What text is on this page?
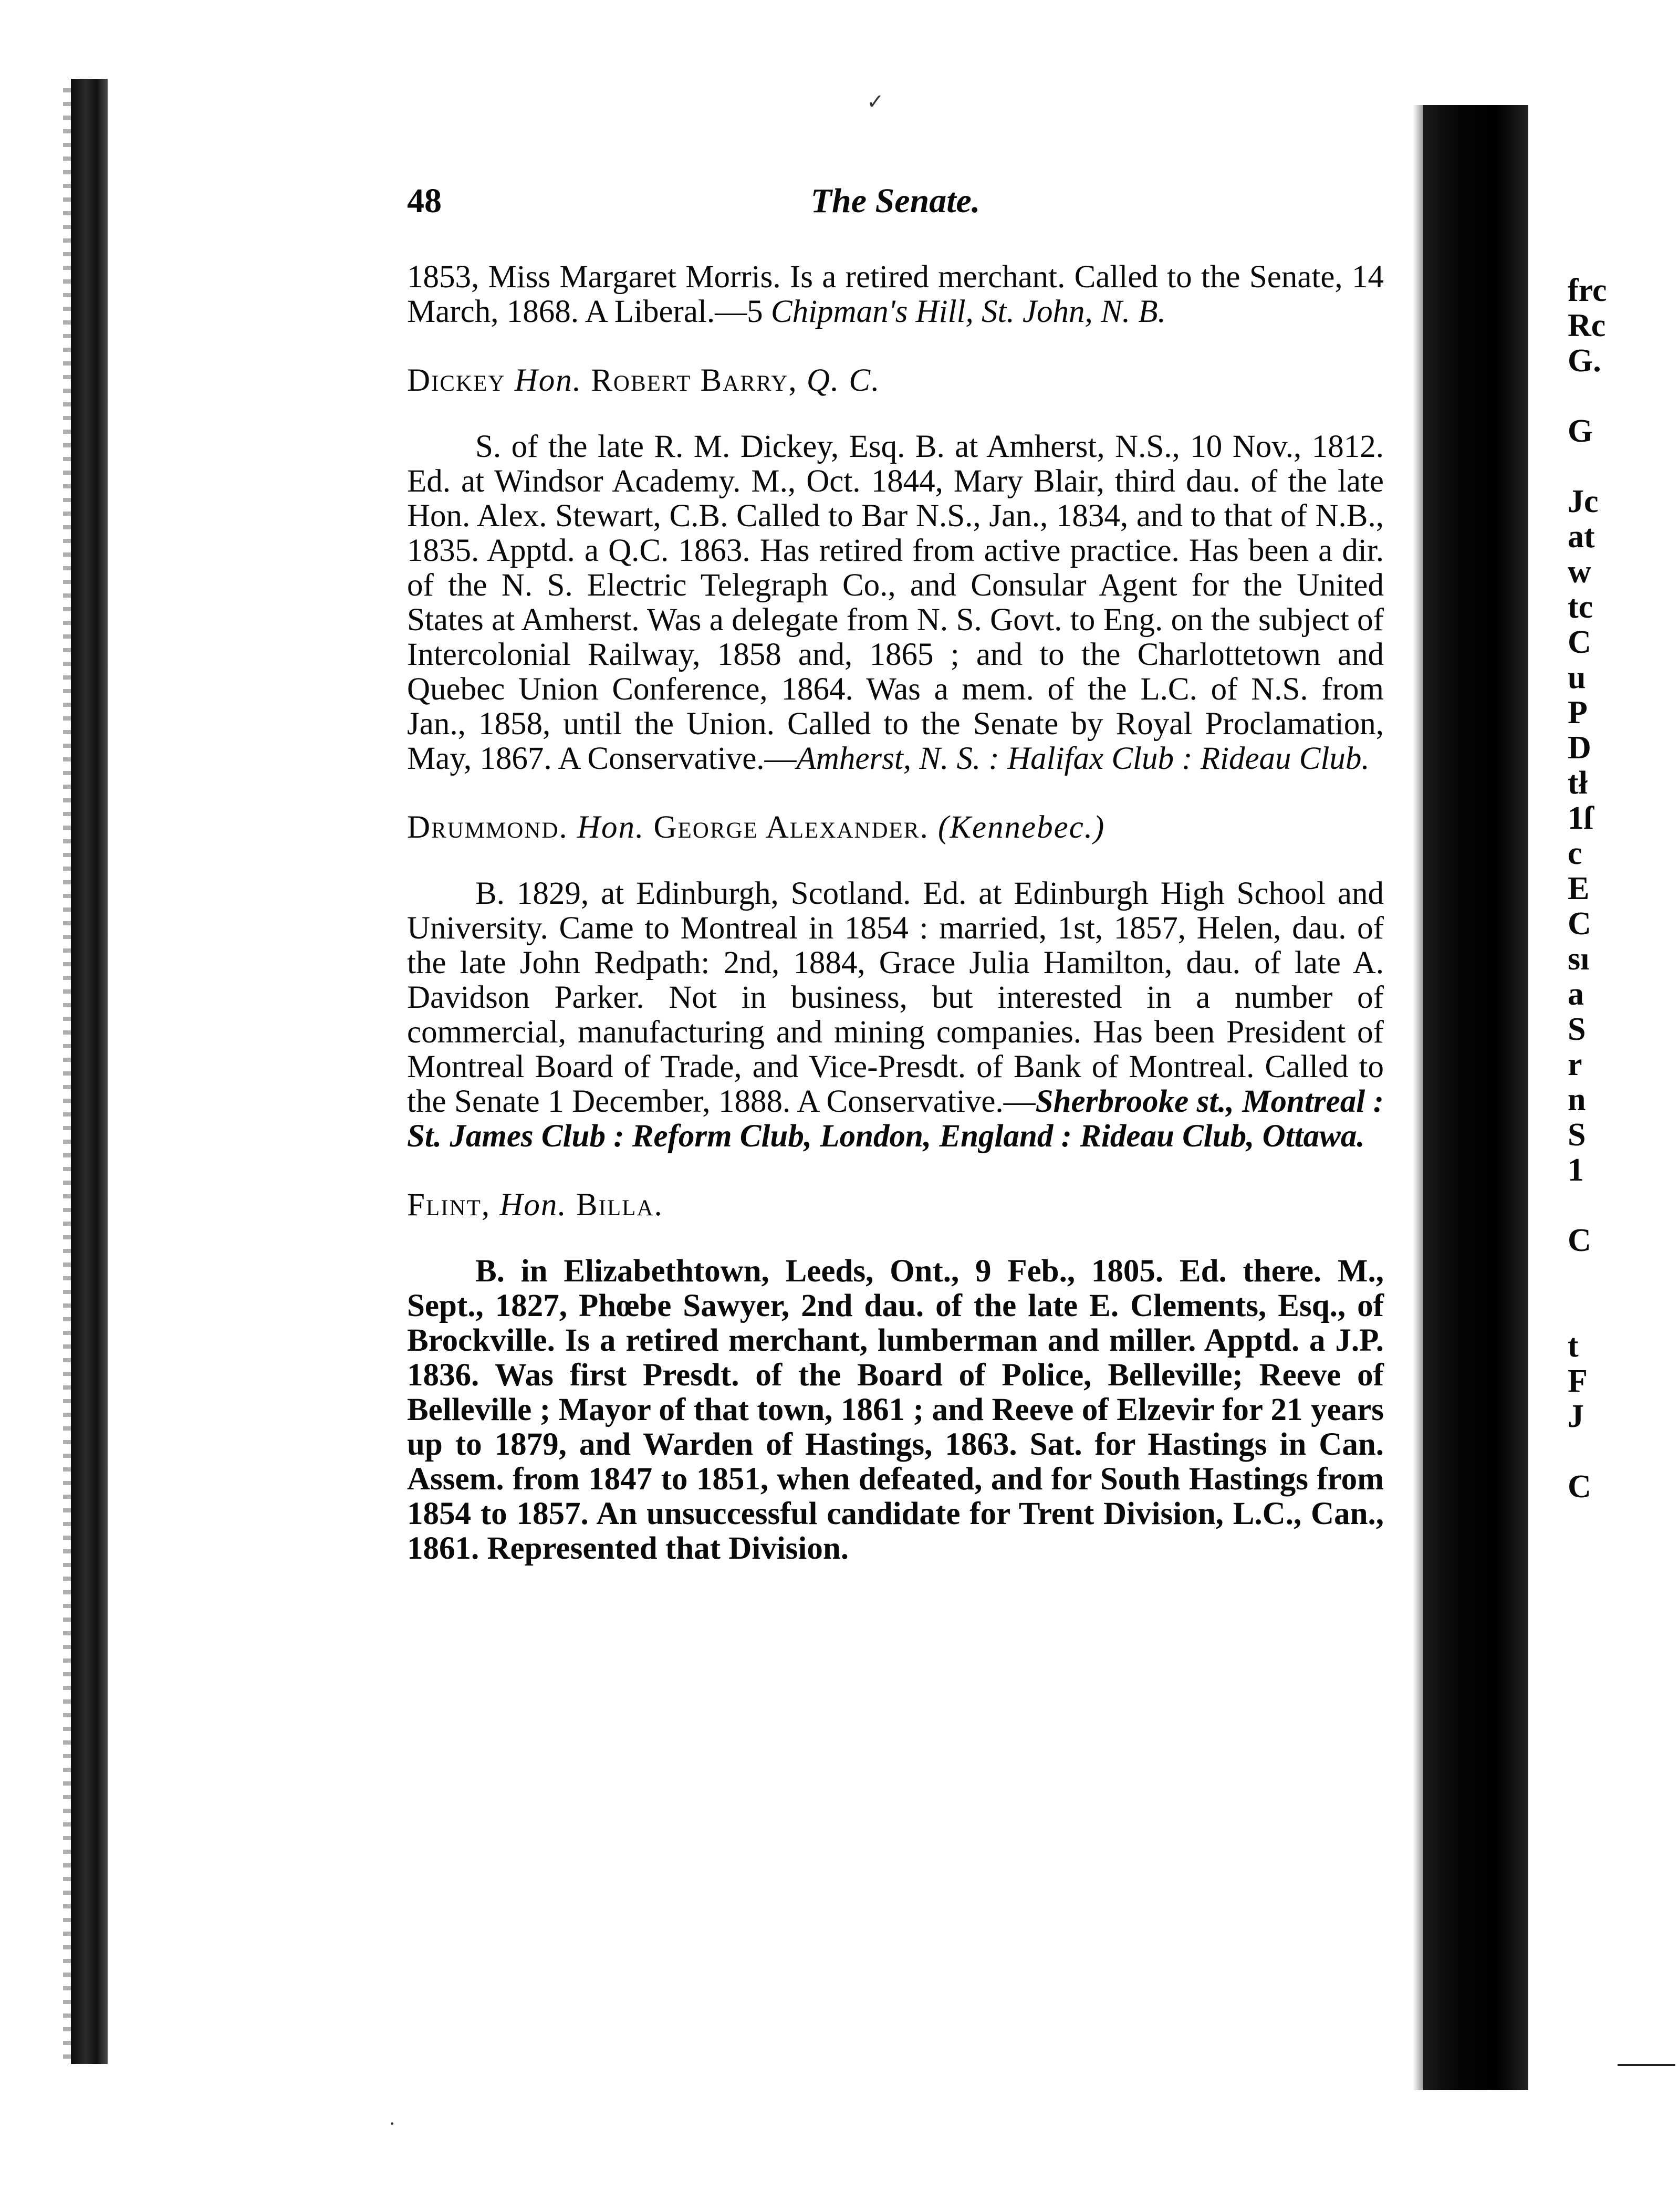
frc
Rc
G.
G
Jc
at
w
tc
C
u
P
D
tł
1ſ
c
E
C
sı
a
S
r
n
S
1
C
t
F
J
C
48	The Senate.

1853, Miss Margaret Morris. Is a retired merchant. Called to the Senate, 14 March, 1868. A Liberal.—5 Chipman's Hill, St. John, N. B.

Dickey Hon. Robert Barry, Q. C.

S. of the late R. M. Dickey, Esq. B. at Amherst, N.S., 10 Nov., 1812. Ed. at Windsor Academy. M., Oct. 1844, Mary Blair, third dau. of the late Hon. Alex. Stewart, C.B. Called to Bar N.S., Jan., 1834, and to that of N.B., 1835. Apptd. a Q.C. 1863. Has retired from active practice. Has been a dir. of the N. S. Electric Telegraph Co., and Consular Agent for the United States at Amherst. Was a delegate from N. S. Govt. to Eng. on the subject of Intercolonial Railway, 1858 and, 1865 ; and to the Charlottetown and Quebec Union Conference, 1864. Was a mem. of the L.C. of N.S. from Jan., 1858, until the Union. Called to the Senate by Royal Proclamation, May, 1867. A Conservative.—Amherst, N. S. : Halifax Club : Rideau Club.

Drummond. Hon. George Alexander. (Kennebec.)

B. 1829, at Edinburgh, Scotland. Ed. at Edinburgh High School and University. Came to Montreal in 1854 : married, 1st, 1857, Helen, dau. of the late John Redpath: 2nd, 1884, Grace Julia Hamilton, dau. of late A. Davidson Parker. Not in business, but interested in a number of commercial, manufacturing and mining companies. Has been President of Montreal Board of Trade, and Vice-Presdt. of Bank of Montreal. Called to the Senate 1 December, 1888. A Conservative.—Sherbrooke st., Montreal : St. James Club : Reform Club, London, England : Rideau Club, Ottawa.

Flint, Hon. Billa.

B. in Elizabethtown, Leeds, Ont., 9 Feb., 1805. Ed. there. M., Sept., 1827, Phœbe Sawyer, 2nd dau. of the late E. Clements, Esq., of Brockville. Is a retired merchant, lumberman and miller. Apptd. a J.P. 1836. Was first Presdt. of the Board of Police, Belleville; Reeve of Belleville ; Mayor of that town, 1861 ; and Reeve of Elzevir for 21 years up to 1879, and Warden of Hastings, 1863. Sat. for Hastings in Can. Assem. from 1847 to 1851, when defeated, and for South Hastings from 1854 to 1857. An unsuccessful candidate for Trent Division, L.C., Can., 1861. Represented that Division.

✓
·
